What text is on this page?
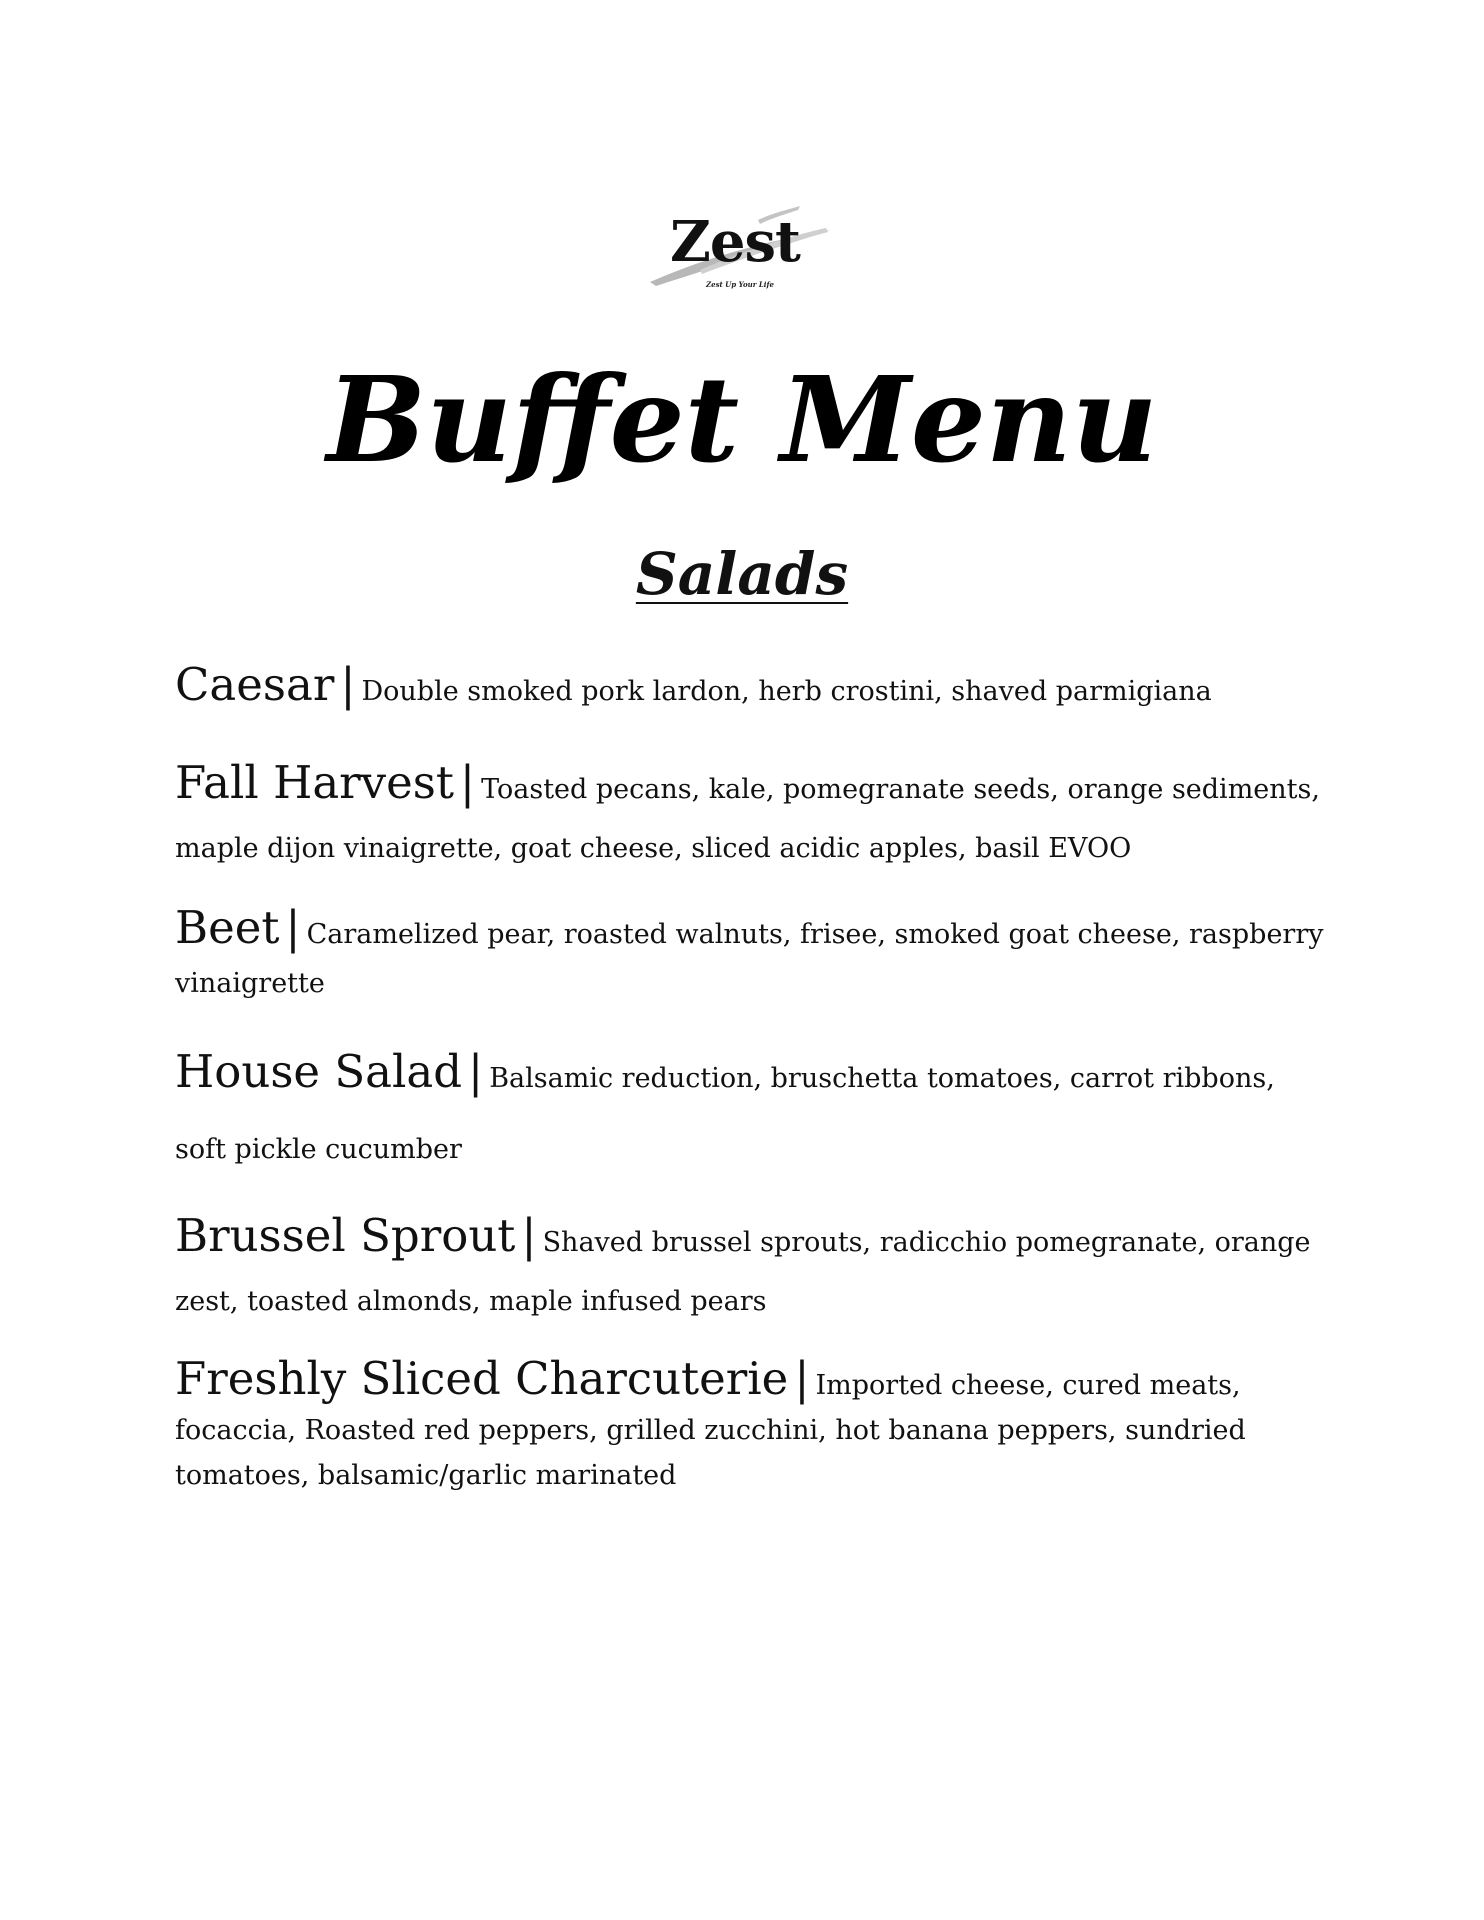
Zest
Zest Up Your Life
Buffet Menu
Salads

Caesar | Double smoked pork lardon, herb crostini, shaved parmigiana

Fall Harvest | Toasted pecans, kale, pomegranate seeds, orange sediments, maple dijon vinaigrette, goat cheese, sliced acidic apples, basil EVOO

Beet | Caramelized pear, roasted walnuts, frisee, smoked goat cheese, raspberry vinaigrette

House Salad | Balsamic reduction, bruschetta tomatoes, carrot ribbons, soft pickle cucumber

Brussel Sprout | Shaved brussel sprouts, radicchio pomegranate, orange zest, toasted almonds, maple infused pears

Freshly Sliced Charcuterie | Imported cheese, cured meats, focaccia, Roasted red peppers, grilled zucchini, hot banana peppers, sundried tomatoes, balsamic/garlic marinated
